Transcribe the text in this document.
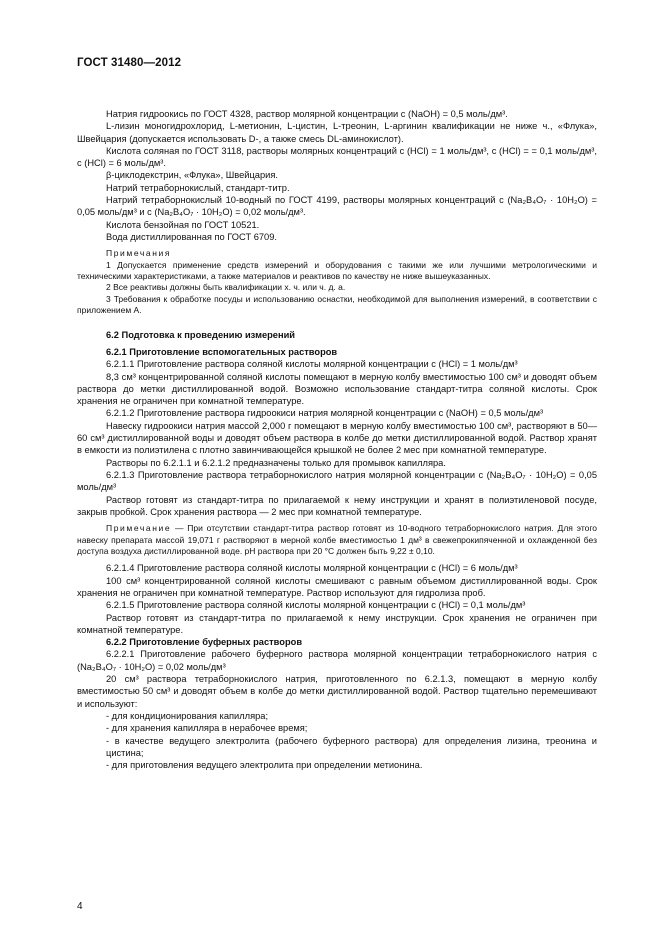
ГОСТ 31480—2012

Натрия гидроокись по ГОСТ 4328, раствор молярной концентрации c (NaOH) = 0,5 моль/дм³.

L-лизин моногидрохлорид, L-метионин, L-цистин, L-треонин, L-аргинин квалификации не ниже ч., «Флука», Швейцария (допускается использовать D-, а также смесь DL-аминокислот).

Кислота соляная по ГОСТ 3118, растворы молярных концентраций c (HCl) = 1 моль/дм³, c (HCl) = = 0,1 моль/дм³, c (HCl) = 6 моль/дм³.

β-циклодекстрин, «Флука», Швейцария.

Натрий тетраборнокислый, стандарт-титр.

Натрий тетраборнокислый 10-водный по ГОСТ 4199, растворы молярных концентраций c (Na₂B₄O₇ · 10H₂O) = 0,05 моль/дм³ и c (Na₂B₄O₇ · 10H₂O) = 0,02 моль/дм³.

Кислота бензойная по ГОСТ 10521.

Вода дистиллированная по ГОСТ 6709.

Примечания

1 Допускается применение средств измерений и оборудования с такими же или лучшими метрологическими и техническими характеристиками, а также материалов и реактивов по качеству не ниже вышеуказанных.

2 Все реактивы должны быть квалификации х. ч. или ч. д. а.

3 Требования к обработке посуды и использованию оснастки, необходимой для выполнения измерений, в соответствии с приложением А.

6.2 Подготовка к проведению измерений

6.2.1 Приготовление вспомогательных растворов

6.2.1.1 Приготовление раствора соляной кислоты молярной концентрации c (HCl) = 1 моль/дм³

8,3 см³ концентрированной соляной кислоты помещают в мерную колбу вместимостью 100 см³ и доводят объем раствора до метки дистиллированной водой. Возможно использование стандарт-титра соляной кислоты. Срок хранения не ограничен при комнатной температуре.

6.2.1.2 Приготовление раствора гидроокиси натрия молярной концентрации c (NaOH) = 0,5 моль/дм³

Навеску гидроокиси натрия массой 2,000 г помещают в мерную колбу вместимостью 100 см³, растворяют в 50—60 см³ дистиллированной воды и доводят объем раствора в колбе до метки дистиллированной водой. Раствор хранят в емкости из полиэтилена с плотно завинчивающейся крышкой не более 2 мес при комнатной температуре.

Растворы по 6.2.1.1 и 6.2.1.2 предназначены только для промывок капилляра.

6.2.1.3 Приготовление раствора тетраборнокислого натрия молярной концентрации c (Na₂B₄O₇ · 10H₂O) = 0,05 моль/дм³

Раствор готовят из стандарт-титра по прилагаемой к нему инструкции и хранят в полиэтиленовой посуде, закрыв пробкой. Срок хранения раствора — 2 мес при комнатной температуре.

Примечание — При отсутствии стандарт-титра раствор готовят из 10-водного тетраборнокислого натрия. Для этого навеску препарата массой 19,071 г растворяют в мерной колбе вместимостью 1 дм³ в свежепрокипяченной и охлажденной без доступа воздуха дистиллированной воде. pH раствора при 20 °C должен быть 9,22 ± 0,10.

6.2.1.4 Приготовление раствора соляной кислоты молярной концентрации c (HCl) = 6 моль/дм³

100 см³ концентрированной соляной кислоты смешивают с равным объемом дистиллированной воды. Срок хранения не ограничен при комнатной температуре. Раствор используют для гидролиза проб.

6.2.1.5 Приготовление раствора соляной кислоты молярной концентрации c (HCl) = 0,1 моль/дм³

Раствор готовят из стандарт-титра по прилагаемой к нему инструкции. Срок хранения не ограничен при комнатной температуре.

6.2.2 Приготовление буферных растворов

6.2.2.1 Приготовление рабочего буферного раствора молярной концентрации тетраборнокислого натрия c (Na₂B₄O₇ · 10H₂O) = 0,02 моль/дм³

20 см³ раствора тетраборнокислого натрия, приготовленного по 6.2.1.3, помещают в мерную колбу вместимостью 50 см³ и доводят объем в колбе до метки дистиллированной водой. Раствор тщательно перемешивают и используют:

- для кондиционирования капилляра;

- для хранения капилляра в нерабочее время;

- в качестве ведущего электролита (рабочего буферного раствора) для определения лизина, треонина и цистина;

- для приготовления ведущего электролита при определении метионина.

4
